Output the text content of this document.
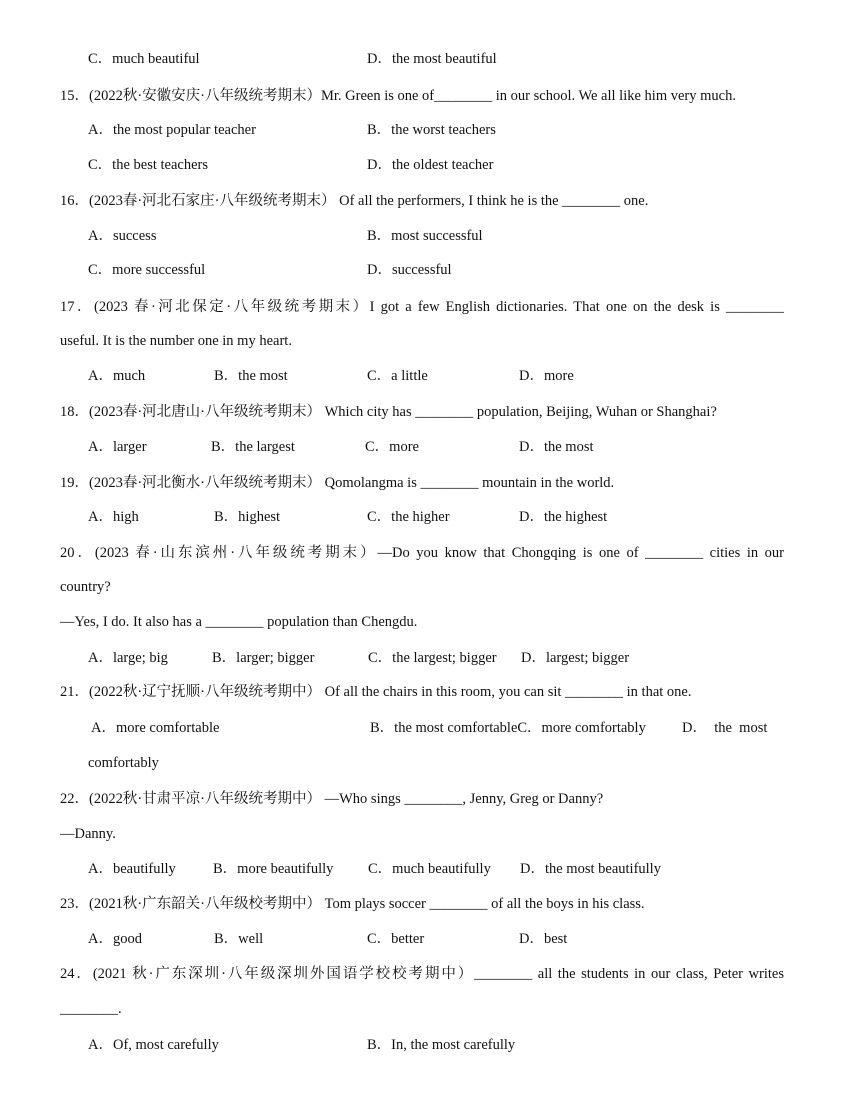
C．much beautiful	D．the most beautiful
15．(2022秋·安徽安庆·八年级统考期末）Mr. Green is one of________ in our school. We all like him very much.
A．the most popular teacher	B．the worst teachers
C．the best teachers	D．the oldest teacher
16．(2023春·河北石家庄·八年级统考期末） Of all the performers, I think he is the ________ one.
A．success	B．most successful
C．more successful	D．successful
17．(2023 春·河北保定·八年级统考期末）I got a few English dictionaries. That one on the desk is ________
useful. It is the number one in my heart.
A．much	B．the most	C．a little	D．more
18．(2023春·河北唐山·八年级统考期末） Which city has ________ population, Beijing, Wuhan or Shanghai?
A．larger	B．the largest	C．more	D．the most
19．(2023春·河北衡水·八年级统考期末） Qomolangma is ________ mountain in the world.
A．high	B．highest	C．the higher	D．the highest
20．(2023 春·山东滨州·八年级统考期末）—Do you know that Chongqing is one of ________ cities in our
country?
—Yes, I do. It also has a ________ population than Chengdu.
A．large; big	B．larger; bigger	C．the largest; bigger D．largest; bigger
21．(2022秋·辽宁抚顺·八年级统考期中） Of all the chairs in this room, you can sit ________ in that one.
A．more comfortable	B．the most comfortableC．more comfortably D．  the  most
comfortably
22．(2022秋·甘肃平凉·八年级统考期中） —Who sings ________, Jenny, Greg or Danny?
—Danny.
A．beautifully	B．more beautifully C．much beautifully D．the most beautifully
23．(2021秋·广东韶关·八年级校考期中） Tom plays soccer ________ of all the boys in his class.
A．good	B．well	C．better	D．best
24．(2021 秋·广东深圳·八年级深圳外国语学校校考期中）________ all the students in our class, Peter writes
________.
A．Of, most carefully	B．In, the most carefully
